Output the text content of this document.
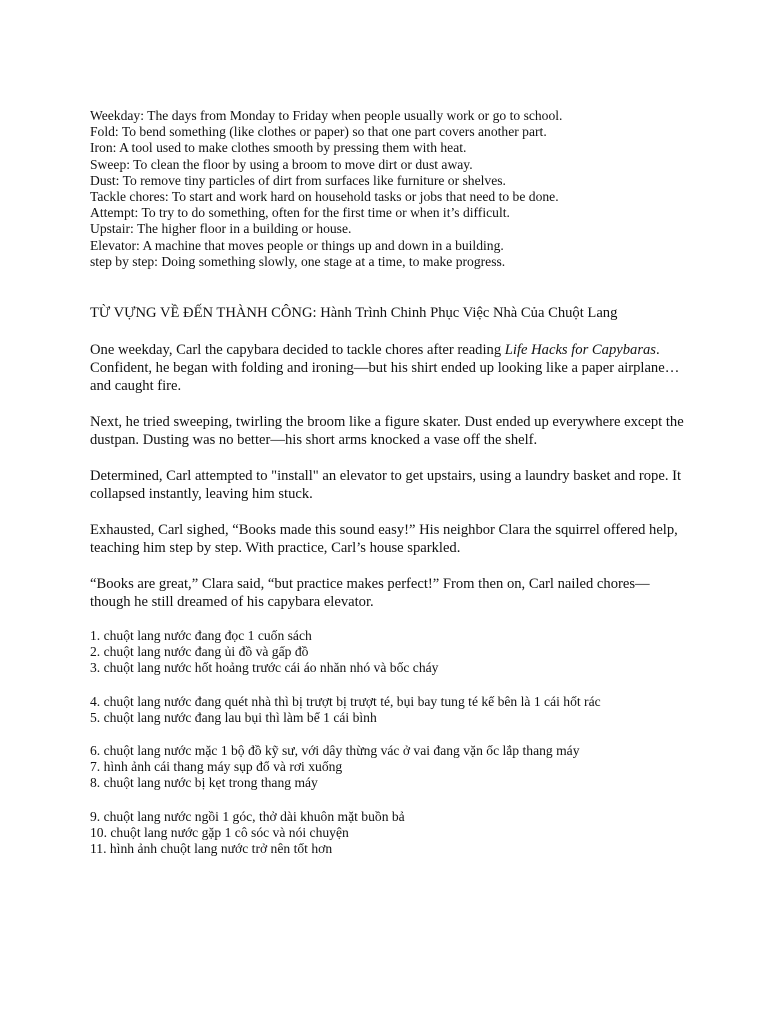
Weekday: The days from Monday to Friday when people usually work or go to school.
Fold: To bend something (like clothes or paper) so that one part covers another part.
Iron: A tool used to make clothes smooth by pressing them with heat.
Sweep: To clean the floor by using a broom to move dirt or dust away.
Dust: To remove tiny particles of dirt from surfaces like furniture or shelves.
Tackle chores: To start and work hard on household tasks or jobs that need to be done.
Attempt: To try to do something, often for the first time or when it’s difficult.
Upstair: The higher floor in a building or house.
Elevator: A machine that moves people or things up and down in a building.
step by step: Doing something slowly, one stage at a time, to make progress.
TỪ VỰNG VỀ ĐẾN THÀNH CÔNG: Hành Trình Chinh Phục Việc Nhà Của Chuột Lang

One weekday, Carl the capybara decided to tackle chores after reading Life Hacks for Capybaras. Confident, he began with folding and ironing—but his shirt ended up looking like a paper airplane… and caught fire.

Next, he tried sweeping, twirling the broom like a figure skater. Dust ended up everywhere except the dustpan. Dusting was no better—his short arms knocked a vase off the shelf.

Determined, Carl attempted to "install" an elevator to get upstairs, using a laundry basket and rope. It collapsed instantly, leaving him stuck.

Exhausted, Carl sighed, “Books made this sound easy!” His neighbor Clara the squirrel offered help, teaching him step by step. With practice, Carl’s house sparkled.

“Books are great,” Clara said, “but practice makes perfect!” From then on, Carl nailed chores—though he still dreamed of his capybara elevator.

1. chuột lang nước đang đọc 1 cuốn sách
2. chuột lang nước đang ủi đồ và gấp đồ
3. chuột lang nước hốt hoảng trước cái áo nhăn nhó và bốc cháy
4. chuột lang nước đang quét nhà thì bị trượt bị trượt té, bụi bay tung té kế bên là 1 cái hốt rác
5. chuột lang nước đang lau bụi thì làm bể 1 cái bình
6. chuột lang nước mặc 1 bộ đồ kỹ sư, với dây thừng vác ở vai đang vặn ốc lắp thang máy
7. hình ảnh cái thang máy sụp đổ và rơi xuống
8. chuột lang nước bị kẹt trong thang máy
9. chuột lang nước ngồi 1 góc, thở dài khuôn mặt buồn bả
10. chuột lang nước gặp 1 cô sóc và nói chuyện
11. hình ảnh chuột lang nước trở nên tốt hơn
